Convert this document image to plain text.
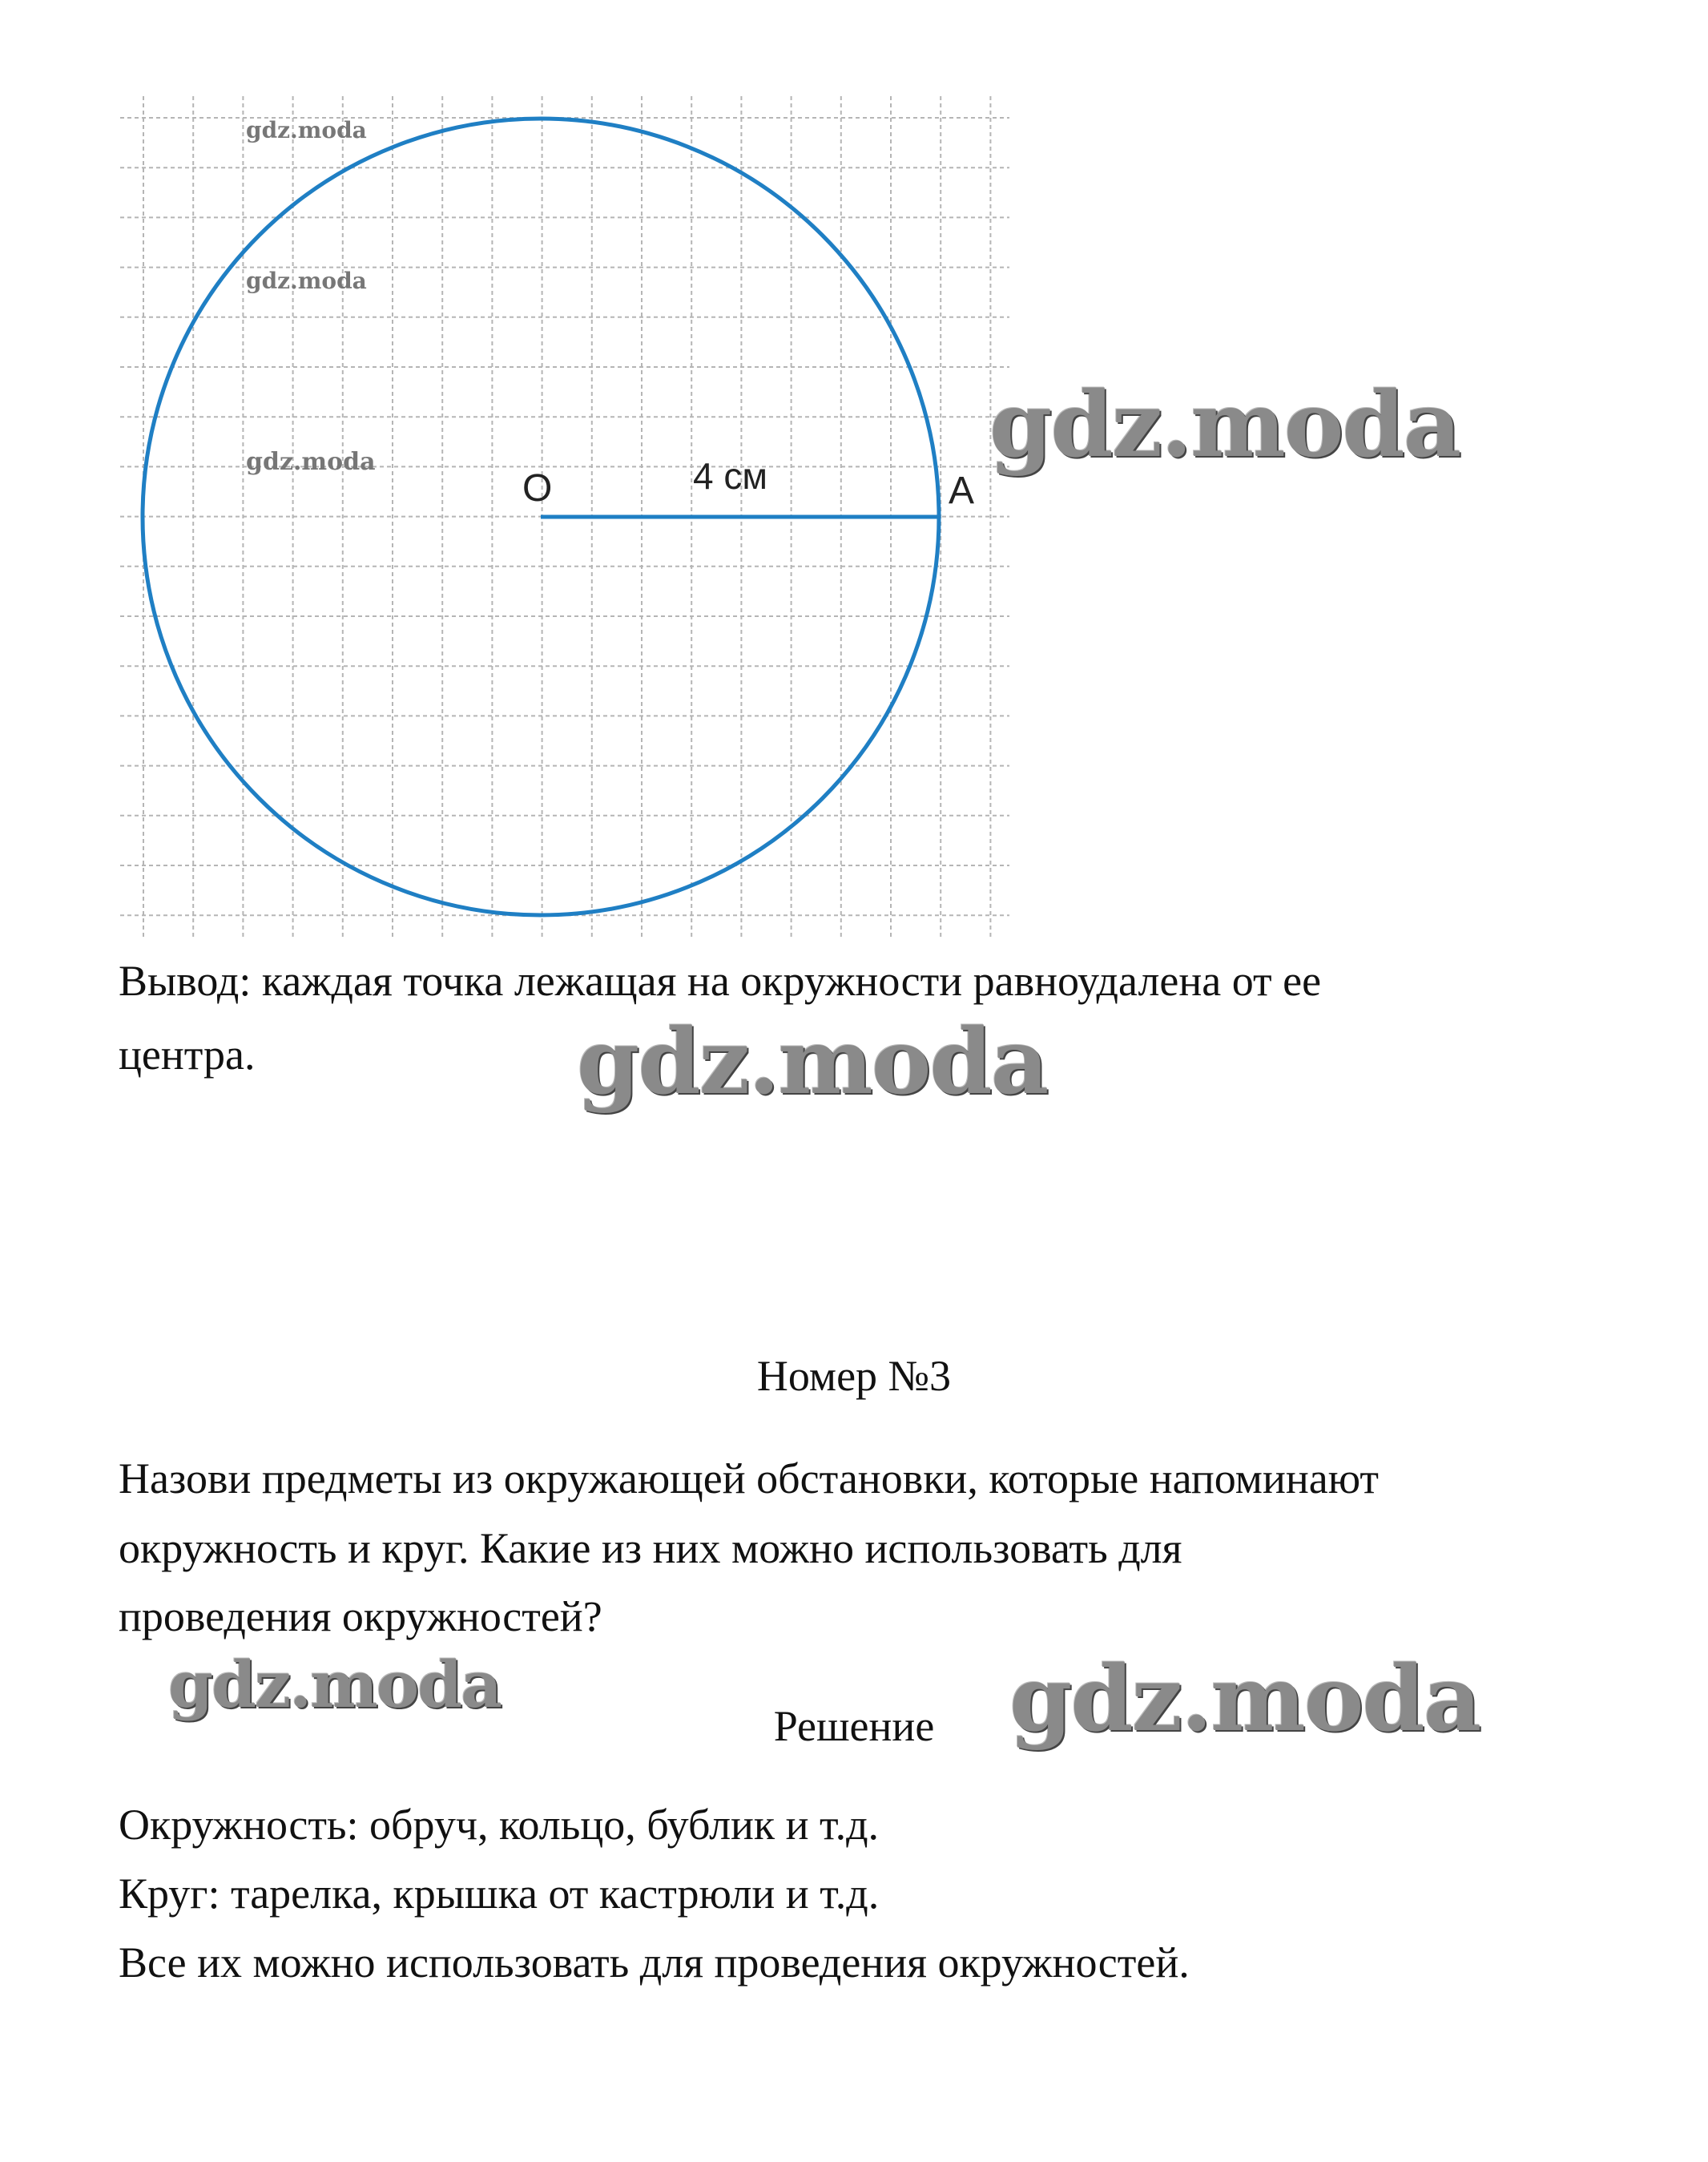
O	4 см	A
gdz.moda
gdz.moda
gdz.moda	gdz.moda
gdz.moda
gdz.moda	gdz.moda
Вывод: каждая точка лежащая на окружности равноудалена от ее
центра.
Номер №3
Назови предметы из окружающей обстановки, которые напоминают
окружность и круг. Какие из них можно использовать для
проведения окружностей?
Решение
Окружность: обруч, кольцо, бублик и т.д.
Круг: тарелка, крышка от кастрюли и т.д.
Все их можно использовать для проведения окружностей.
